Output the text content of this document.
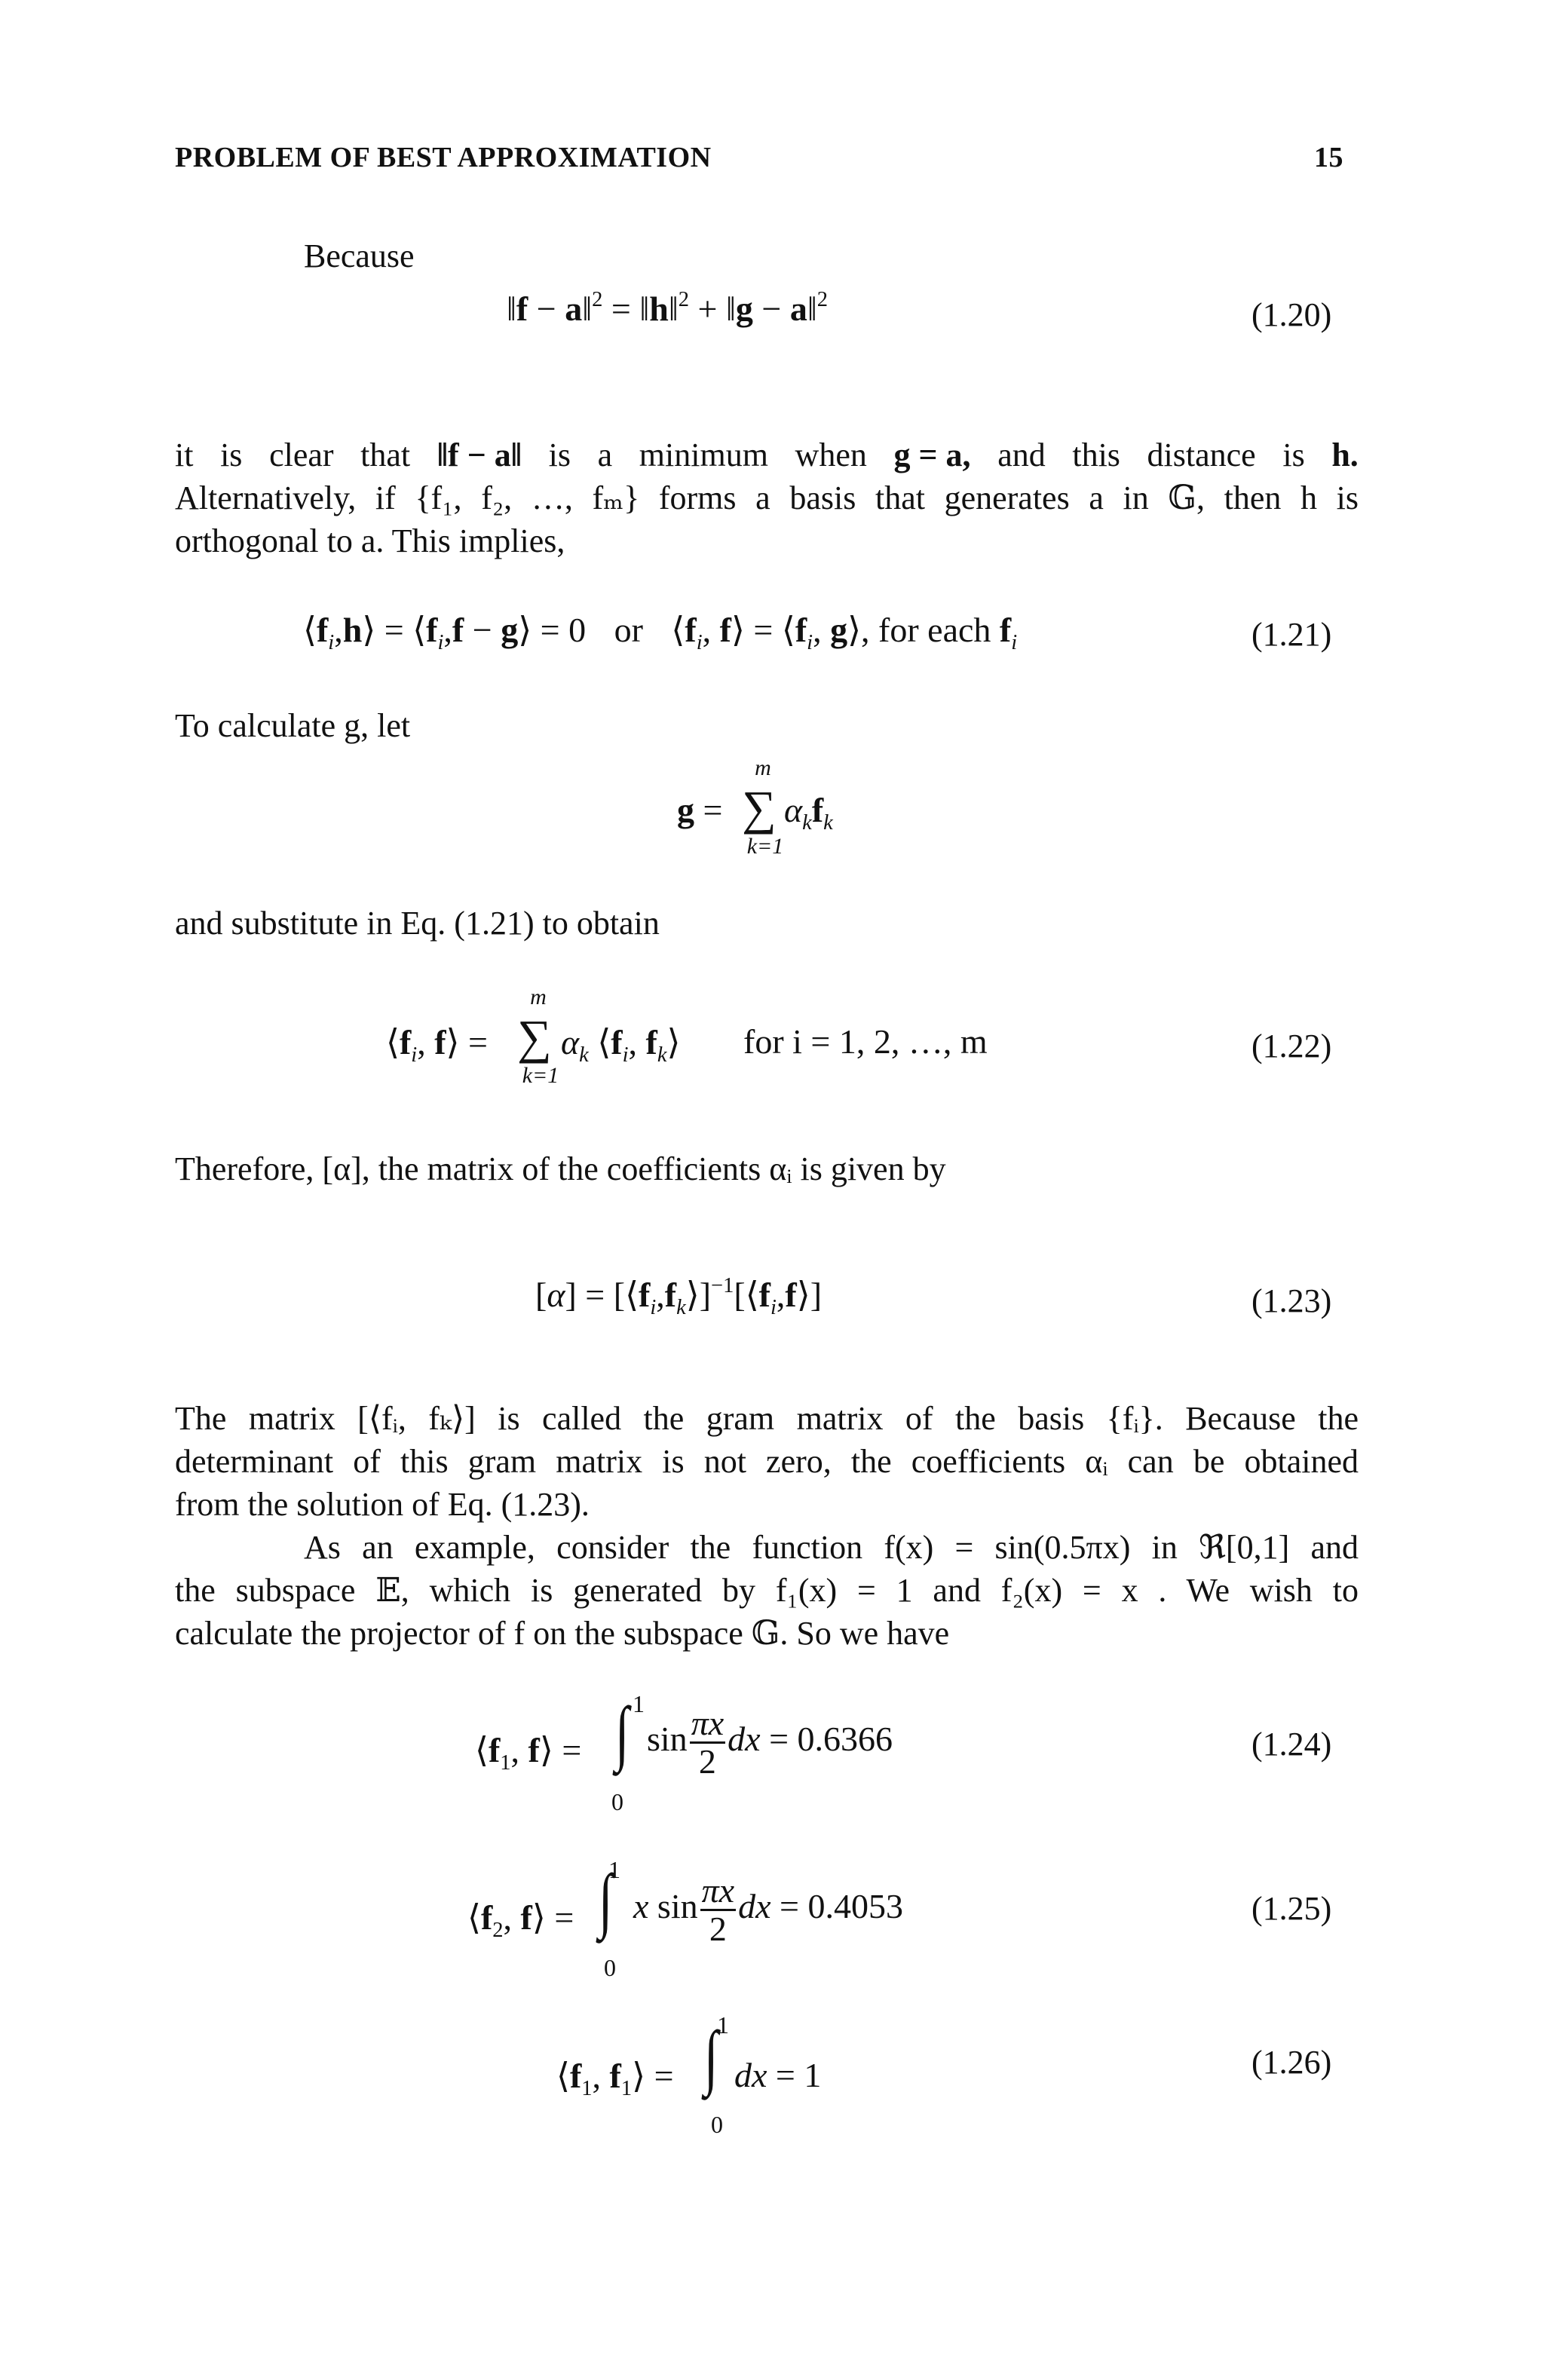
PROBLEM OF BEST APPROXIMATION	15
Because
‖f − a‖$^2$ = ‖h‖$^2$ + ‖g − a‖$^2$	(1.20)
it is clear that ‖f − a‖ is a minimum when g = a, and this distance is h.
Alternatively, if {f₁, f₂, …, fₘ} forms a basis that generates a in 𝔾, then h is
orthogonal to a. This implies,
$⟨f_i,h⟩$ = $⟨f_i,f$ − g⟩ = 0 or $⟨f_i$, f⟩ = $⟨f_i$, g⟩, for each $f_i$	(1.21)
To calculate g, let
g =
m
∑
k=1
$\alpha_kf_k$
and substitute in Eq. (1.21) to obtain
$⟨f_i$, f⟩ =
m
∑
k=1
$\alpha_k$ $⟨f_i$, $f_k⟩$ for i = 1, 2, …, m	(1.22)
Therefore, [α], the matrix of the coefficients αᵢ is given by
$[\alpha] = [⟨f_i,f_k⟩]^{-1}[⟨f_i,f⟩]$	(1.23)
The matrix [⟨fᵢ, fₖ⟩] is called the gram matrix of the basis {fᵢ}. Because the
determinant of this gram matrix is not zero, the coefficients αᵢ can be obtained
from the solution of Eq. (1.23).
As an example, consider the function f(x) = sin(0.5πx) in ℜ[0,1] and
the subspace 𝔼, which is generated by f₁(x) = 1 and f₂(x) = x . We wish to
calculate the projector of f on the subspace 𝔾. So we have
$⟨f_1$, f⟩ =
1
∫
0
$\sin \frac{\pi x}{2}$ dx = 0.6366	(1.24)
$⟨f_2$, f⟩ =
1
∫
0
x $\sin \frac{\pi x}{2}$ dx = 0.4053	(1.25)
$⟨f_1$, $f_1⟩$ =
1
∫
0
dx = 1	(1.26)
